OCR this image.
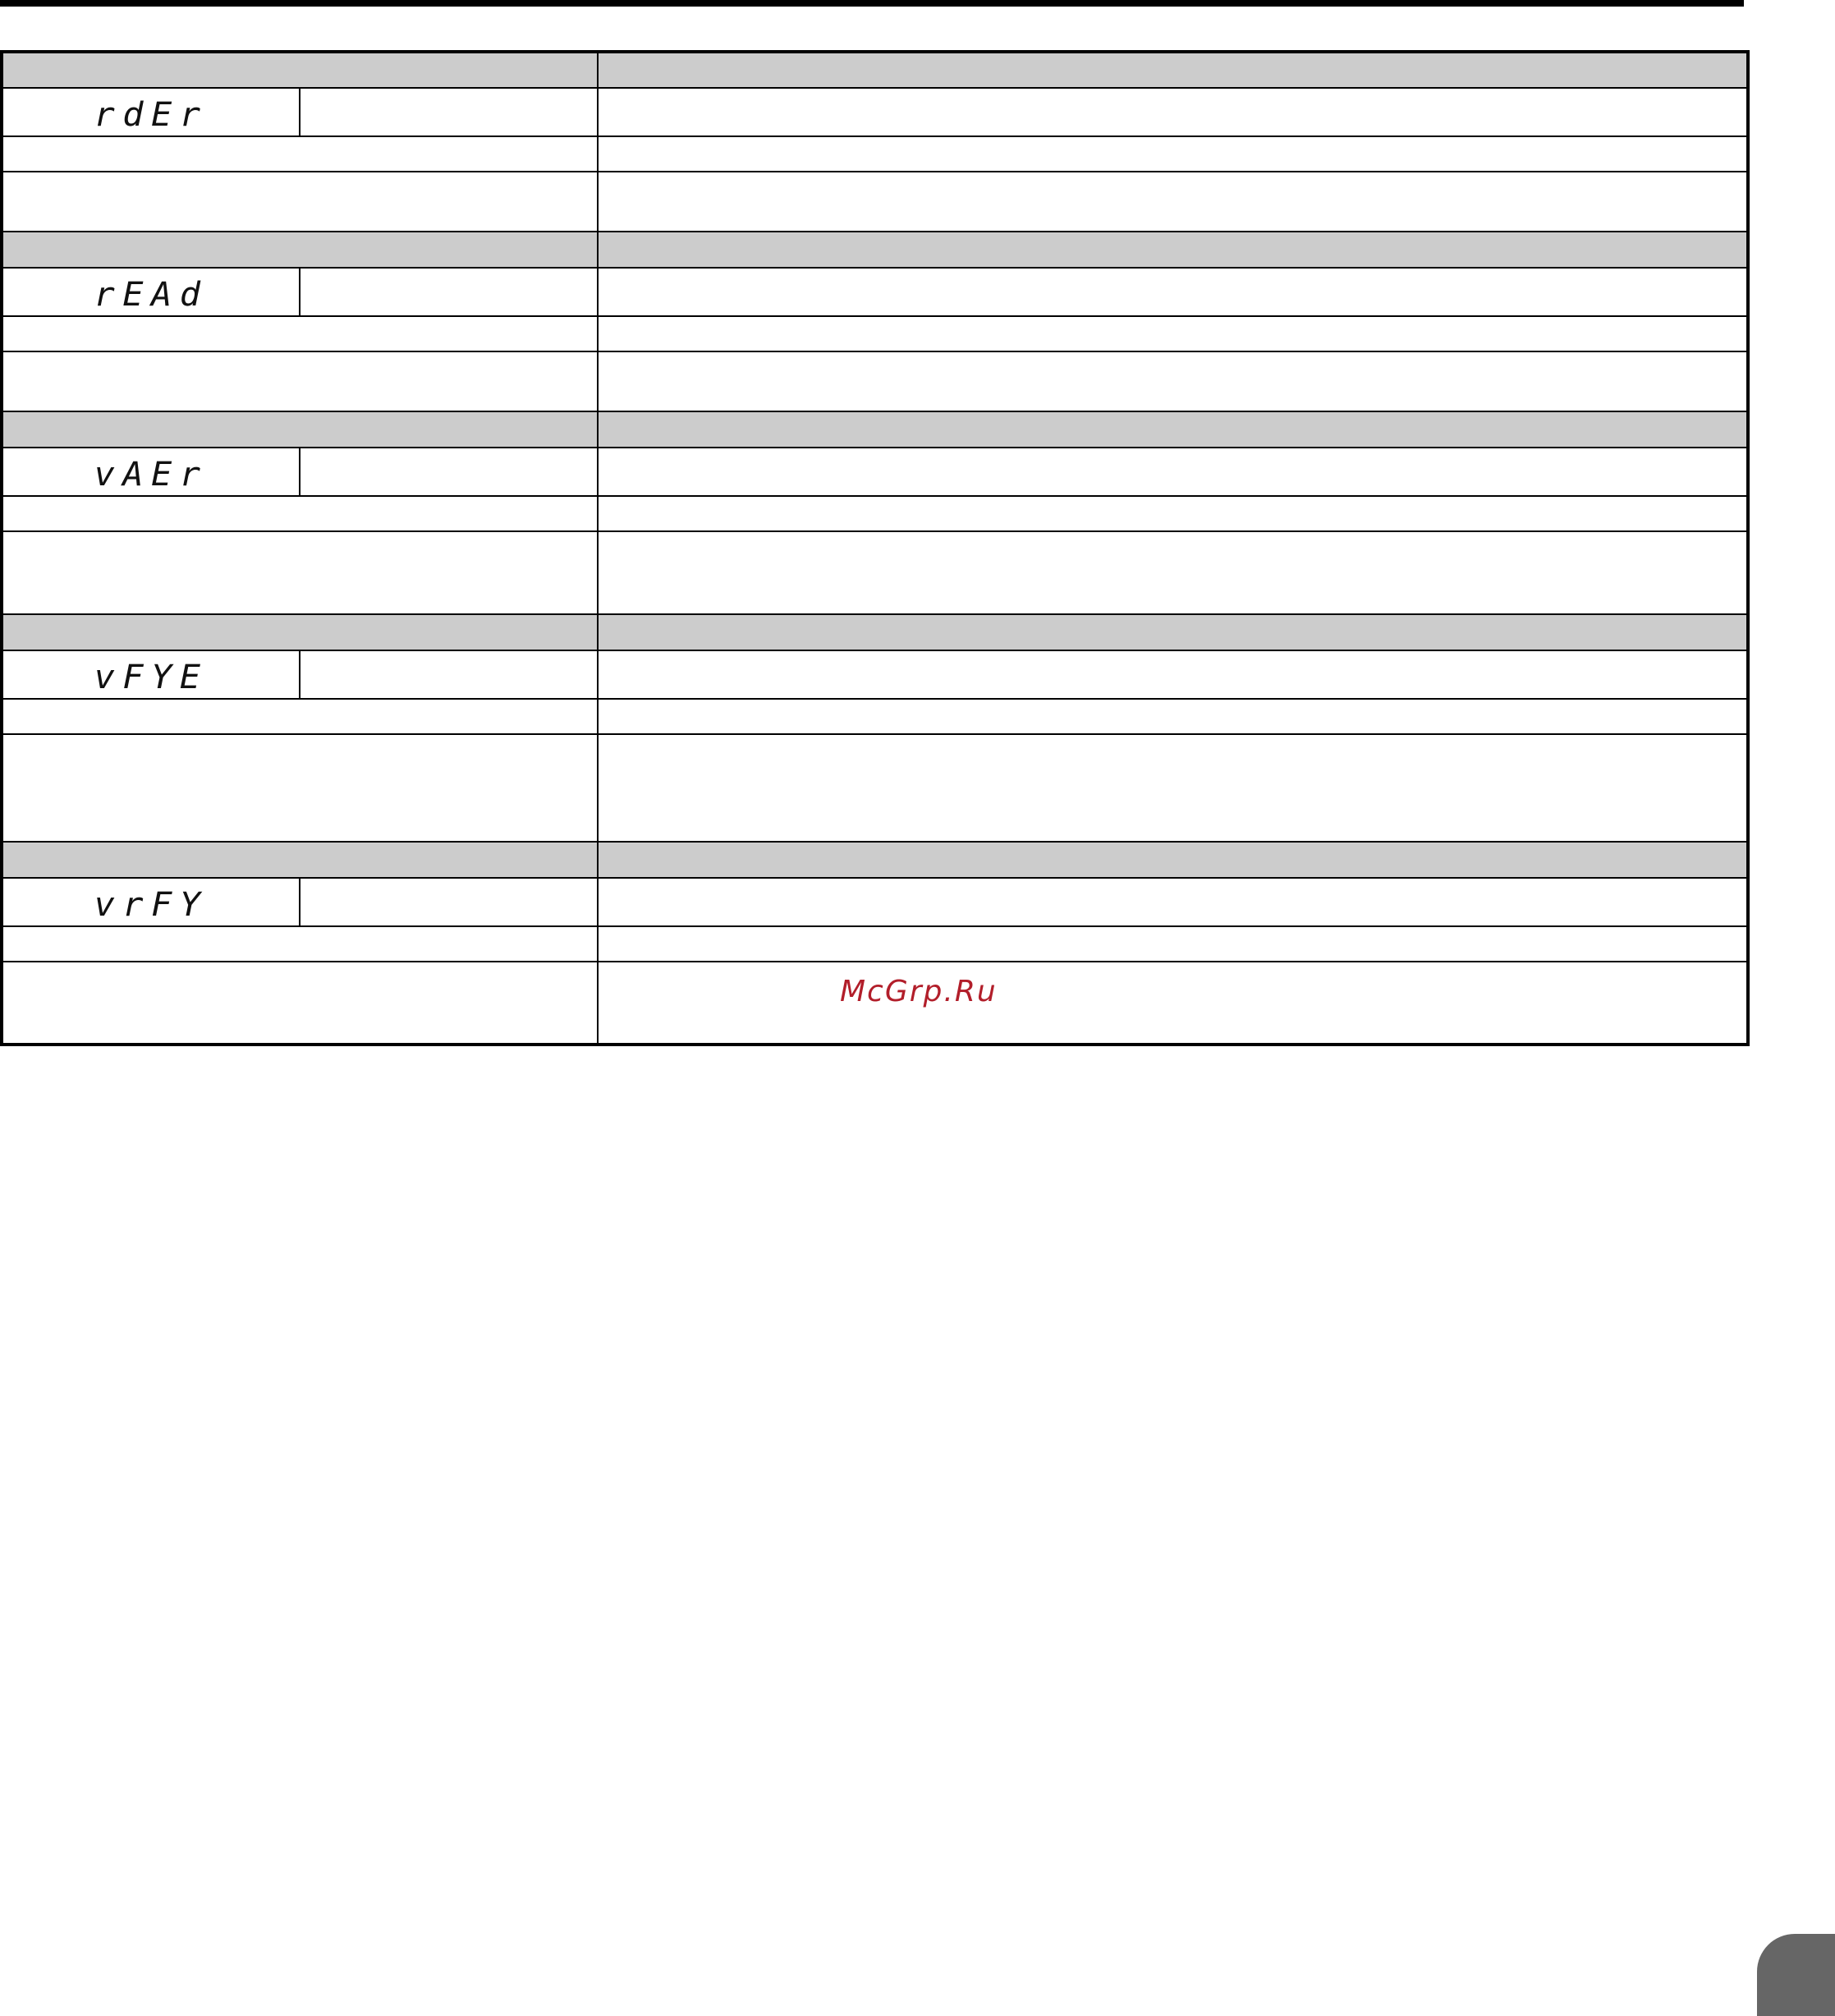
rdEr		

rEAd		

vAEr		

vFYE		

vrFY		

McGrp.Ru
